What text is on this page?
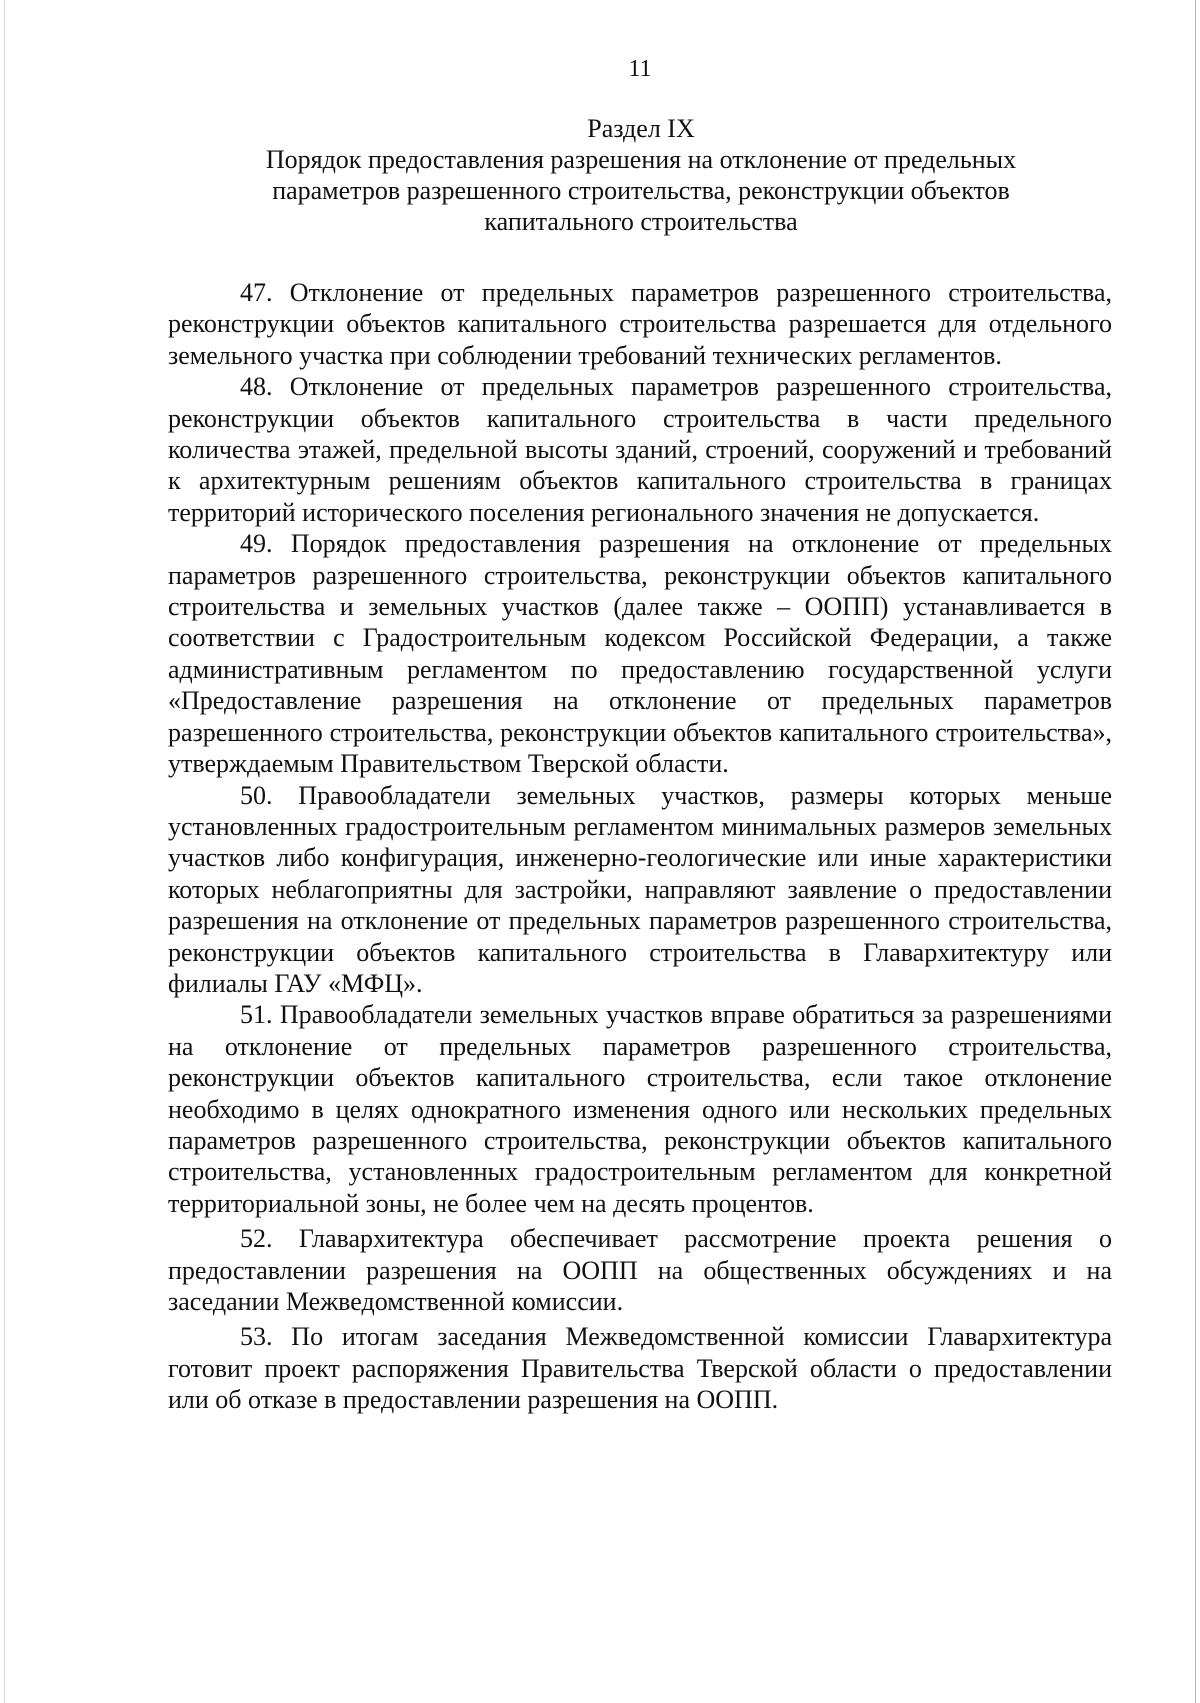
11
Раздел IX
Порядок предоставления разрешения на отклонение от предельных параметров разрешенного строительства, реконструкции объектов капитального строительства

47. Отклонение от предельных параметров разрешенного строительства, реконструкции объектов капитального строительства разрешается для отдельного земельного участка при соблюдении требований технических регламентов.

48. Отклонение от предельных параметров разрешенного строительства, реконструкции объектов капитального строительства в части предельного количества этажей, предельной высоты зданий, строений, сооружений и требований к архитектурным решениям объектов капитального строительства в границах территорий исторического поселения регионального значения не допускается.

49. Порядок предоставления разрешения на отклонение от предельных параметров разрешенного строительства, реконструкции объектов капитального строительства и земельных участков (далее также – ООПП) устанавливается в соответствии с Градостроительным кодексом Российской Федерации, а также административным регламентом по предоставлению государственной услуги «Предоставление разрешения на отклонение от предельных параметров разрешенного строительства, реконструкции объектов капитального строительства», утверждаемым Правительством Тверской области.

50. Правообладатели земельных участков, размеры которых меньше установленных градостроительным регламентом минимальных размеров земельных участков либо конфигурация, инженерно-геологические или иные характеристики которых неблагоприятны для застройки, направляют заявление о предоставлении разрешения на отклонение от предельных параметров разрешенного строительства, реконструкции объектов капитального строительства в Главархитектуру или филиалы ГАУ «МФЦ».

51. Правообладатели земельных участков вправе обратиться за разрешениями на отклонение от предельных параметров разрешенного строительства, реконструкции объектов капитального строительства, если такое отклонение необходимо в целях однократного изменения одного или нескольких предельных параметров разрешенного строительства, реконструкции объектов капитального строительства, установленных градостроительным регламентом для конкретной территориальной зоны, не более чем на десять процентов.

52. Главархитектура обеспечивает рассмотрение проекта решения о предоставлении разрешения на ООПП на общественных обсуждениях и на заседании Межведомственной комиссии.

53. По итогам заседания Межведомственной комиссии Главархитектура готовит проект распоряжения Правительства Тверской области о предоставлении или об отказе в предоставлении разрешения на ООПП.
